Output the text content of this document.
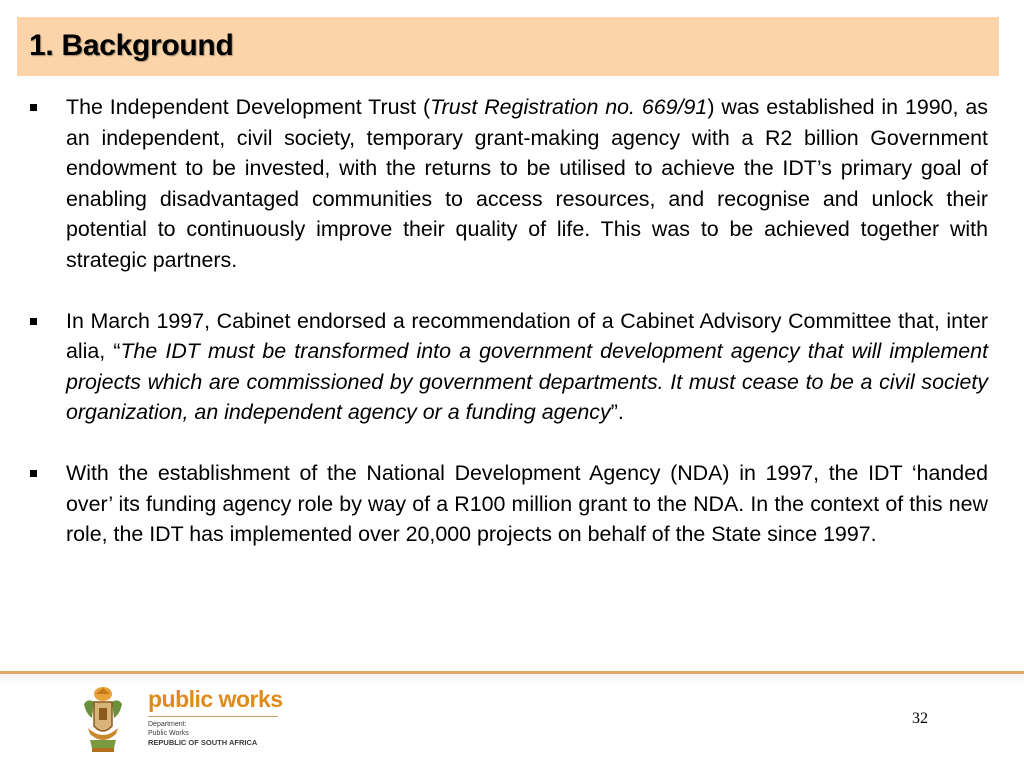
1. Background
The Independent Development Trust (Trust Registration no. 669/91) was established in 1990, as an independent, civil society, temporary grant-making agency with a R2 billion Government endowment to be invested, with the returns to be utilised to achieve the IDT’s primary goal of enabling disadvantaged communities to access resources, and recognise and unlock their potential to continuously improve their quality of life. This was to be achieved together with strategic partners.
In March 1997, Cabinet endorsed a recommendation of a Cabinet Advisory Committee that, inter alia, “The IDT must be transformed into a government development agency that will implement projects which are commissioned by government departments. It must cease to be a civil society organization, an independent agency or a funding agency”.
With the establishment of the National Development Agency (NDA) in 1997, the IDT ‘handed over’ its funding agency role by way of a R100 million grant to the NDA. In the context of this new role, the IDT has implemented over 20,000 projects on behalf of the State since 1997.
public works
Department:
Public Works
REPUBLIC OF SOUTH AFRICA
32
